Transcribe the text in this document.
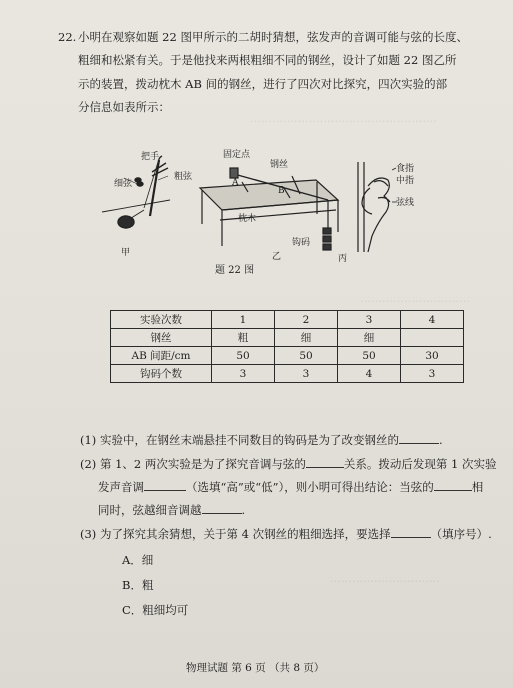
……………………………………………
…………………………
…………………………
22. 小明在观察如题 22 图甲所示的二胡时猜想，弦发声的音调可能与弦的长度、
粗细和松紧有关。于是他找来两根粗细不同的钢丝，设计了如题 22 图乙所
示的装置，拨动枕木 AB 间的钢丝，进行了四次对比探究，四次实验的部
分信息如表所示：
把手
细弦
粗弦
甲
固定点
钢丝
A
B
枕木
钩码
乙
食指
中指
弦线
丙
题 22 图
实验次数	1	2	3	4
钢丝	粗	细	细	
AB 间距/cm	50	50	50	30
钩码个数	3	3	4	3
(1) 实验中，在钢丝末端悬挂不同数目的钩码是为了改变钢丝的	.
(2) 第 1、2 两次实验是为了探究音调与弦的	关系。拨动后发现第 1 次实验
发声音调	（选填“高”或“低”），则小明可得出结论：当弦的	相
同时，弦越细音调越	.
(3) 为了探究其余猜想，关于第 4 次钢丝的粗细选择，要选择	（填序号）.
A．细
B．粗
C．粗细均可
物理试题 第 6 页 （共 8 页）
